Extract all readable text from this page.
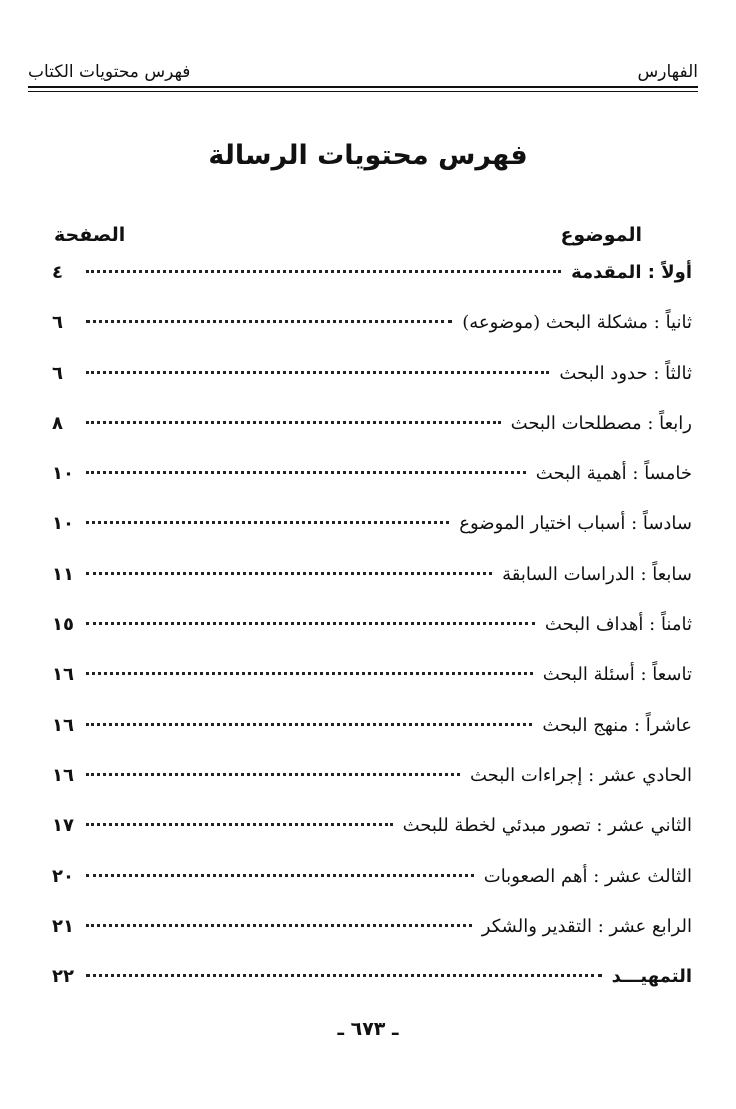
الفهارس
فهرس محتويات الكتاب
فهرس محتويات الرسالة
الموضوع
الصفحة
أولاً : المقدمة
٤
ثانياً : مشكلة البحث (موضوعه)
٦
ثالثاً : حدود البحث
٦
رابعاً : مصطلحات البحث
٨
خامساً : أهمية البحث
١٠
سادساً : أسباب اختيار الموضوع
١٠
سابعاً : الدراسات السابقة
١١
ثامناً : أهداف البحث
١٥
تاسعاً : أسئلة البحث
١٦
عاشراً : منهج البحث
١٦
الحادي عشر : إجراءات البحث
١٦
الثاني عشر : تصور مبدئي لخطة للبحث
١٧
الثالث عشر : أهم الصعوبات
٢٠
الرابع عشر : التقدير والشكر
٢١
التمهيـــد
٢٢
ـ ٦٧٣ ـ
